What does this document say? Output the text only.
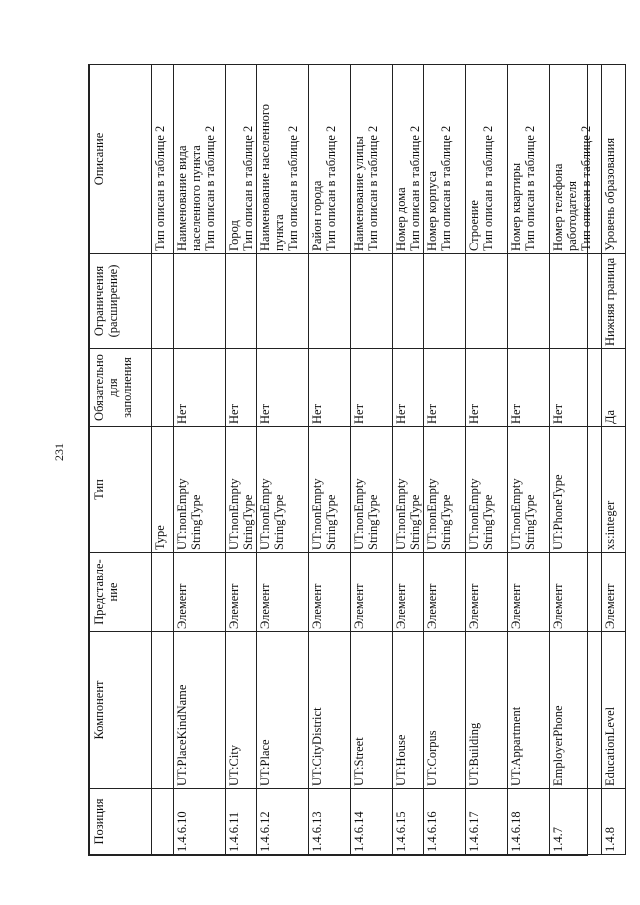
231
Позиция	Компонент	Представле-ние	Тип	Обязательно для заполнения	Ограничения (расширение)	Описание

			Type			Тип описан в таблице 2

1.4.6.10	UT:PlaceKindName	Элемент	UT:nonEmpty StringType	Нет		Наименование вида населенного пункта Тип описан в таблице 2

1.4.6.11	UT:City	Элемент	UT:nonEmpty StringType	Нет		Город Тип описан в таблице 2

1.4.6.12	UT:Place	Элемент	UT:nonEmpty StringType	Нет		Наименование населенного пункта Тип описан в таблице 2

1.4.6.13	UT:CityDistrict	Элемент	UT:nonEmpty StringType	Нет		Район города Тип описан в таблице 2

1.4.6.14	UT:Street	Элемент	UT:nonEmpty StringType	Нет		Наименование улицы Тип описан в таблице 2

1.4.6.15	UT:House	Элемент	UT:nonEmpty StringType	Нет		Номер дома Тип описан в таблице 2

1.4.6.16	UT:Corpus	Элемент	UT:nonEmpty StringType	Нет		Номер корпуса Тип описан в таблице 2

1.4.6.17	UT:Building	Элемент	UT:nonEmpty StringType	Нет		Строение Тип описан в таблице 2

1.4.6.18	UT:Appartment	Элемент	UT:nonEmpty StringType	Нет		Номер квартиры Тип описан в таблице 2

1.4.7	EmployerPhone	Элемент	UT:PhoneType	Нет		Номер телефона работодателя Тип описан в таблице 2

1.4.8	EducationLevel	Элемент	xs:integer	Да	Нижняя граница	Уровень образования
